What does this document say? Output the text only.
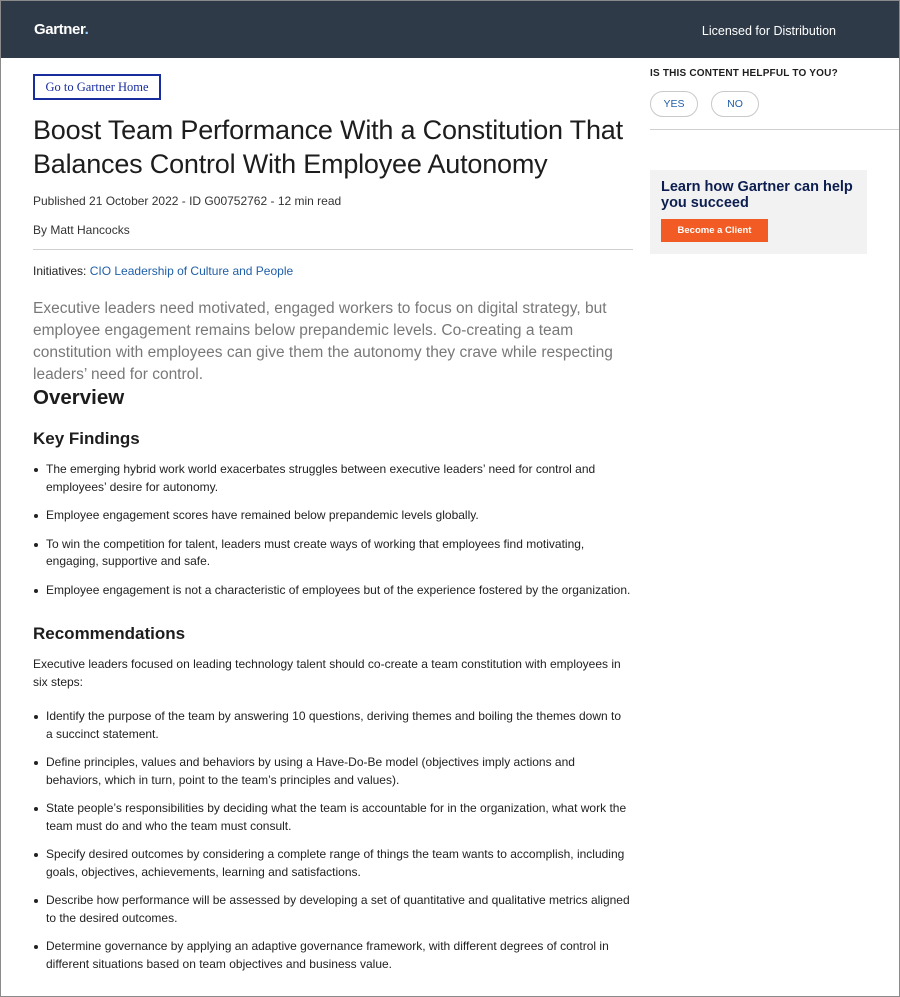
Gartner.	Licensed for Distribution
Go to Gartner Home
Boost Team Performance With a Constitution That Balances Control With Employee Autonomy
Published 21 October 2022 - ID G00752762 - 12 min read
By Matt Hancocks
Initiatives: CIO Leadership of Culture and People

Executive leaders need motivated, engaged workers to focus on digital strategy, but employee engagement remains below prepandemic levels. Co-creating a team constitution with employees can give them the autonomy they crave while respecting leaders’ need for control.

Overview
Key Findings
The emerging hybrid work world exacerbates struggles between executive leaders’ need for control and employees’ desire for autonomy.
Employee engagement scores have remained below prepandemic levels globally.
To win the competition for talent, leaders must create ways of working that employees find motivating, engaging, supportive and safe.
Employee engagement is not a characteristic of employees but of the experience fostered by the organization.
Recommendations

Executive leaders focused on leading technology talent should co-create a team constitution with employees in six steps:

Identify the purpose of the team by answering 10 questions, deriving themes and boiling the themes down to a succinct statement.
Define principles, values and behaviors by using a Have-Do-Be model (objectives imply actions and behaviors, which in turn, point to the team’s principles and values).
State people’s responsibilities by deciding what the team is accountable for in the organization, what work the team must do and who the team must consult.
Specify desired outcomes by considering a complete range of things the team wants to accomplish, including goals, objectives, achievements, learning and satisfactions.
Describe how performance will be assessed by developing a set of quantitative and qualitative metrics aligned to the desired outcomes.
Determine governance by applying an adaptive governance framework, with different degrees of control in different situations based on team objectives and business value.
IS THIS CONTENT HELPFUL TO YOU?
YES	NO
Learn how Gartner can help you succeed
Become a Client
